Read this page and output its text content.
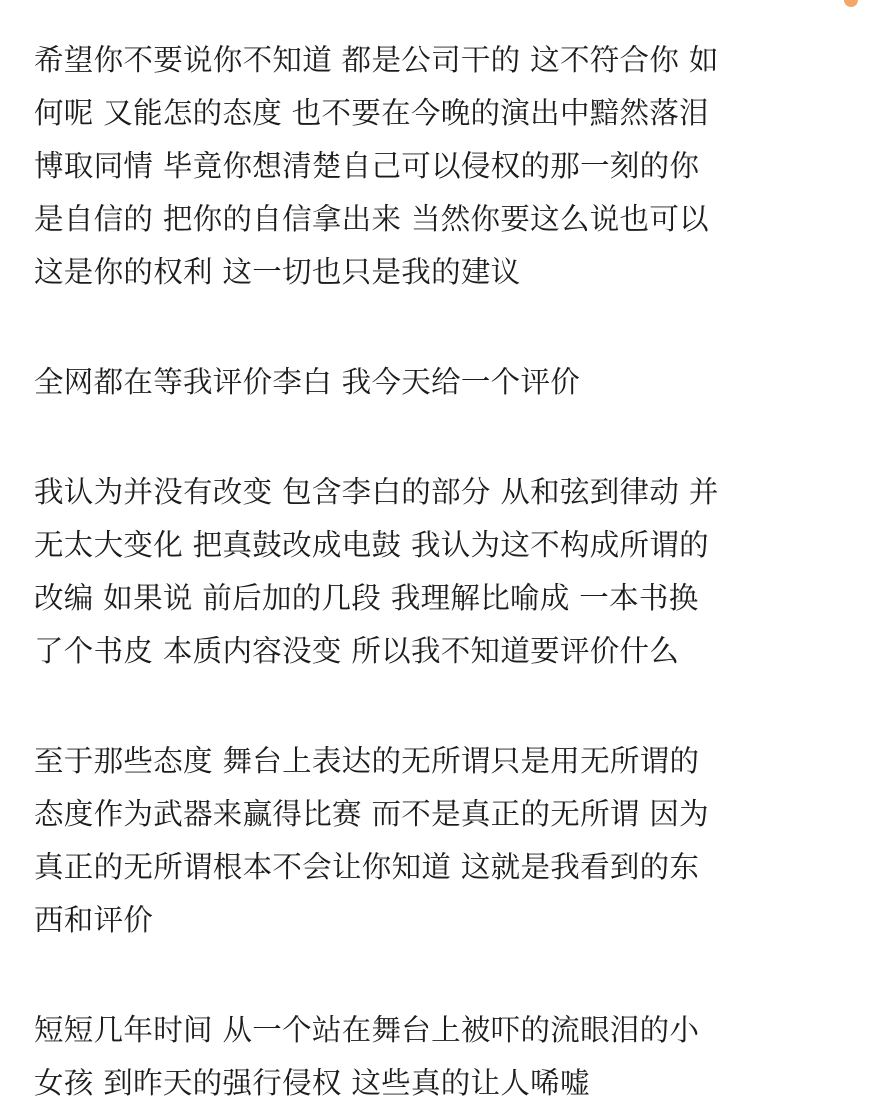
希望你不要说你不知道 都是公司干的 这不符合你 如
何呢 又能怎的态度 也不要在今晚的演出中黯然落泪
博取同情 毕竟你想清楚自己可以侵权的那一刻的你
是自信的 把你的自信拿出来 当然你要这么说也可以
这是你的权利 这一切也只是我的建议
全网都在等我评价李白 我今天给一个评价
我认为并没有改变 包含李白的部分 从和弦到律动 并
无太大变化 把真鼓改成电鼓 我认为这不构成所谓的
改编 如果说 前后加的几段 我理解比喻成 一本书换
了个书皮 本质内容没变 所以我不知道要评价什么
至于那些态度 舞台上表达的无所谓只是用无所谓的
态度作为武器来赢得比赛 而不是真正的无所谓 因为
真正的无所谓根本不会让你知道 这就是我看到的东
西和评价
短短几年时间 从一个站在舞台上被吓的流眼泪的小
女孩 到昨天的强行侵权 这些真的让人唏嘘
